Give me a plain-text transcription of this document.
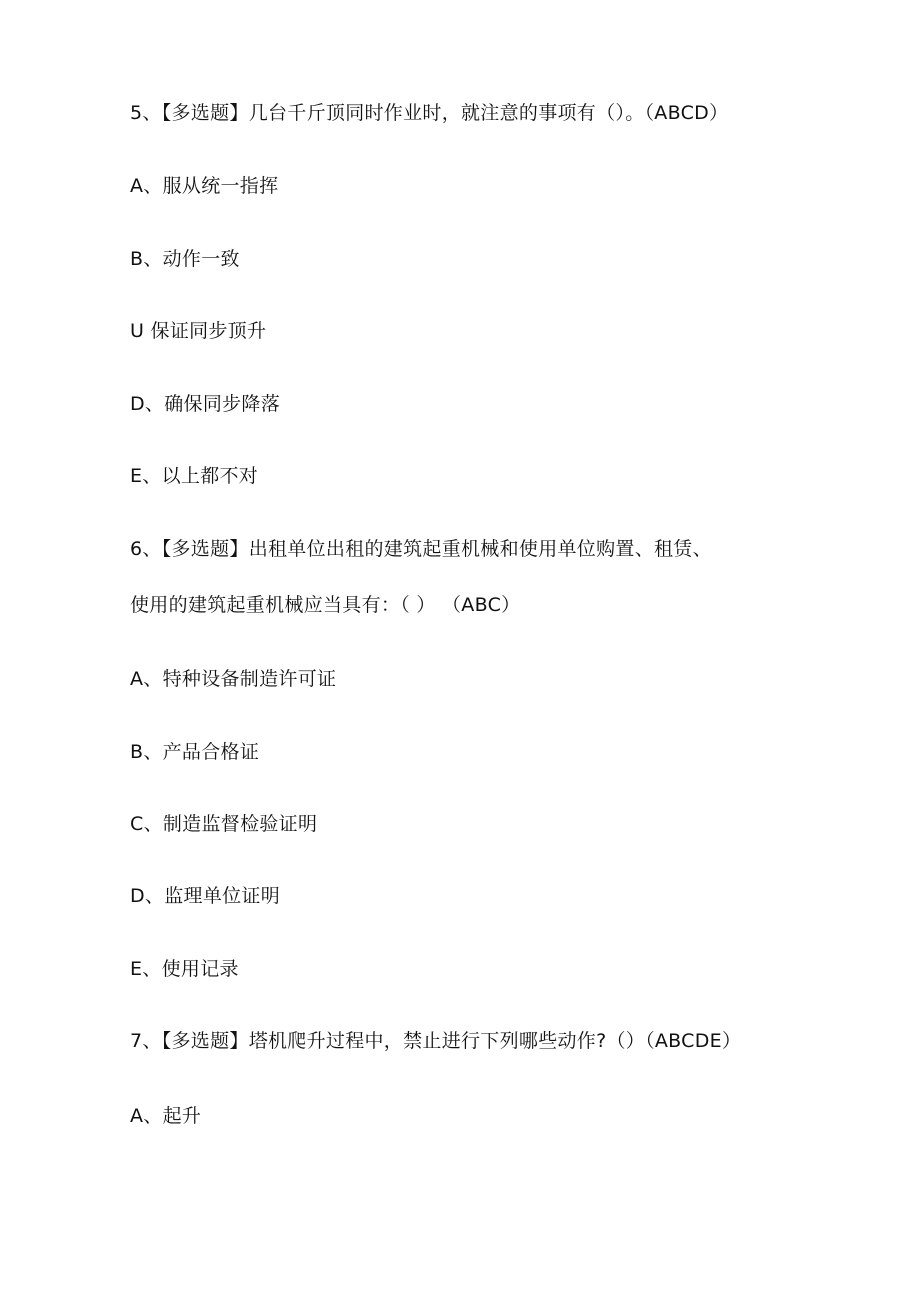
5、【多选题】几台千斤顶同时作业时，就注意的事项有（）。（ABCD）
A、服从统一指挥
B、动作一致
U 保证同步顶升
D、确保同步降落
E、以上都不对
6、【多选题】出租单位出租的建筑起重机械和使用单位购置、租赁、
使用的建筑起重机械应当具有：（ ） （ABC）
A、特种设备制造许可证
B、产品合格证
C、制造监督检验证明
D、监理单位证明
E、使用记录
7、【多选题】塔机爬升过程中，禁止进行下列哪些动作?（）（ABCDE）
A、起升
